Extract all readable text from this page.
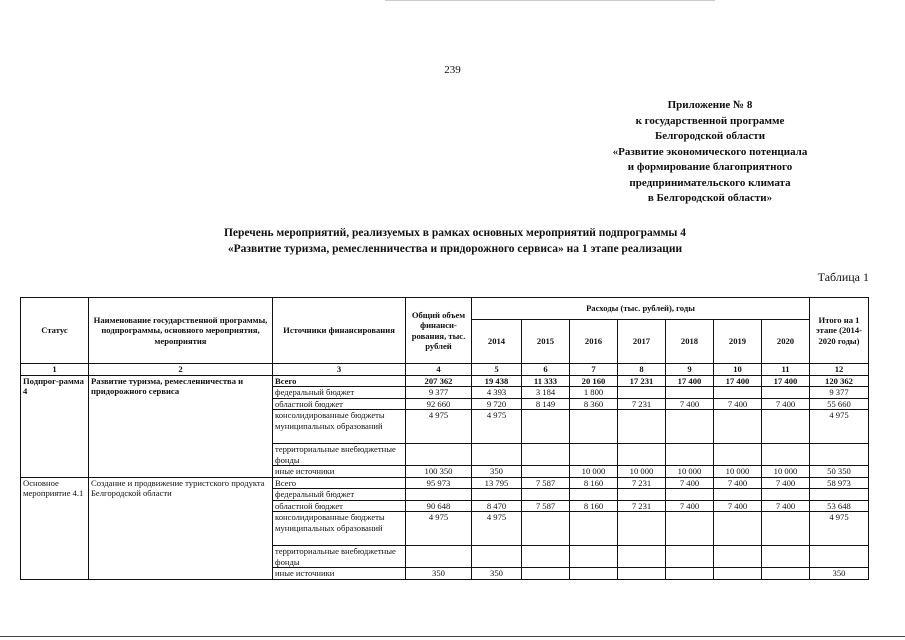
239
Приложение № 8
к государственной программе
Белгородской области
«Развитие экономического потенциала
и формирование благоприятного
предпринимательского климата
в Белгородской области»
Перечень мероприятий, реализуемых в рамках основных мероприятий подпрограммы 4
«Развитие туризма, ремесленничества и придорожного сервиса» на 1 этапе реализации
Таблица 1
Статус	Наименование государственной программы, подпрограммы, основного мероприятия, мероприятия	Источники финансирования	Общий объем финанси-рования, тыс. рублей	Расходы (тыс. рублей), годы							Итого на 1 этапе (2014-2020 годы)
				2014	2015	2016	2017	2018	2019	2020	
1	2	3	4	5	6	7	8	9	10	11	12
Подпрог-рамма 4	Развитие туризма, ремесленничества и придорожного сервиса	Всего	207 362	19 438	11 333	20 160	17 231	17 400	17 400	17 400	120 362
		федеральный бюджет	9 377	4 393	3 184	1 800					9 377
		областной бюджет	92 660	9 720	8 149	8 360	7 231	7 400	7 400	7 400	55 660
		консолидированные бюджеты муниципальных образований	4 975	4 975							4 975
		территориальные внебюджетные фонды									
		иные источники	100 350	350		10 000	10 000	10 000	10 000	10 000	50 350
Основное мероприятие 4.1	Создание и продвижение туристского продукта Белгородской области	Всего	95 973	13 795	7 587	8 160	7 231	7 400	7 400	7 400	58 973
		федеральный бюджет									
		областной бюджет	90 648	8 470	7 587	8 160	7 231	7 400	7 400	7 400	53 648
		консолидированные бюджеты муниципальных образований	4 975	4 975							4 975
		территориальные внебюджетные фонды									
		иные источники	350	350							350
